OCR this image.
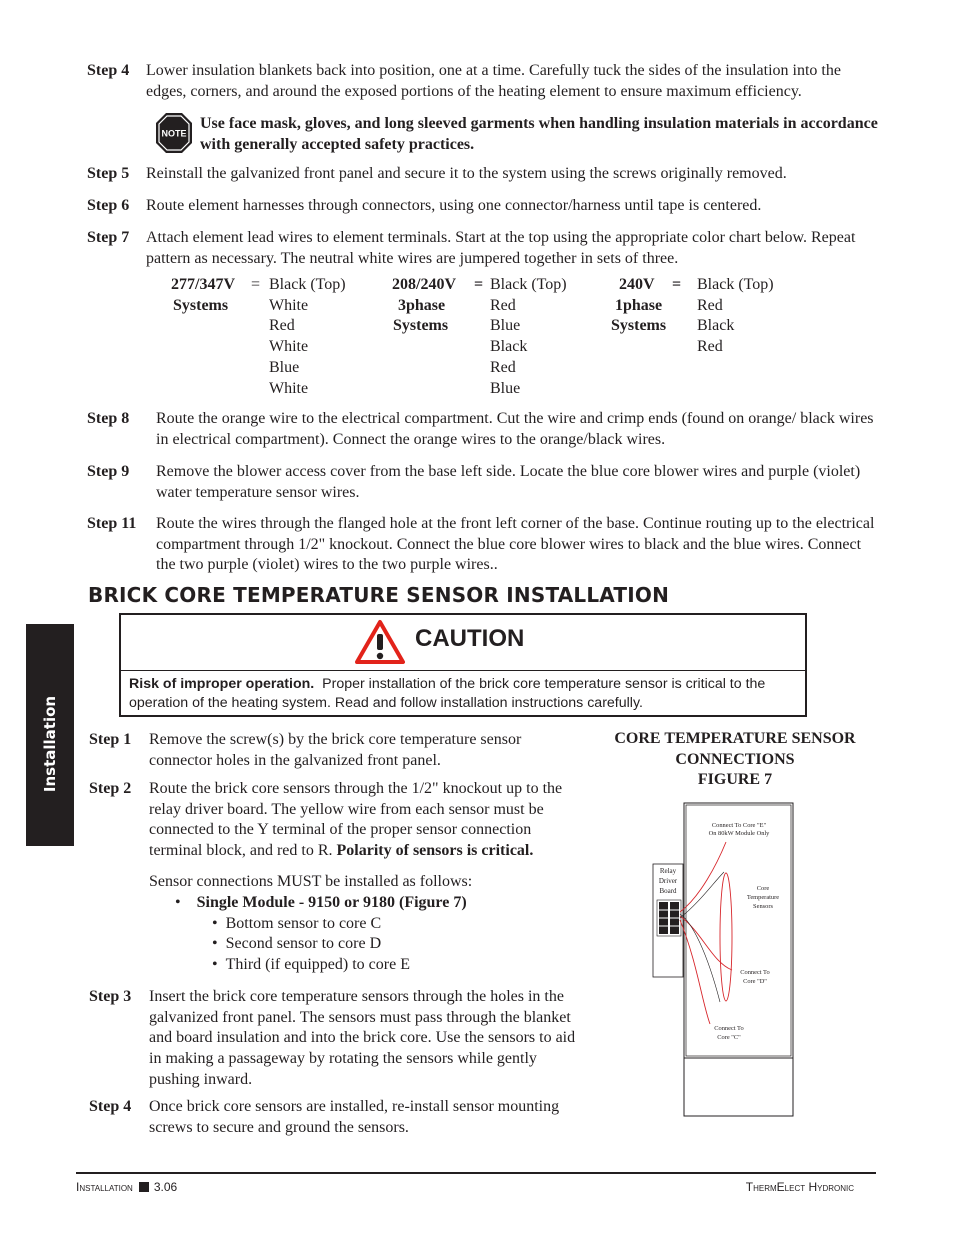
Step 4 Lower insulation blankets back into position, one at a time. Carefully tuck the sides of the insulation into the edges, corners, and around the exposed portions of the heating element to ensure maximum efficiency.
NOTE
Use face mask, gloves, and long sleeved garments when handling insulation materials in accordance with generally accepted safety practices.
Step 5 Reinstall the galvanized front panel and secure it to the system using the screws originally removed.
Step 6 Route element harnesses through connectors, using one connector/harness until tape is centered.
Step 7 Attach element lead wires to element terminals. Start at the top using the appropriate color chart below. Repeat pattern as necessary. The neutral white wires are jumpered together in sets of three.
277/347V =
Systems
Black (Top)
White
Red
White
Blue
White
208/240V =
3phase
Systems
Black (Top)
Red
Blue
Black
Red
Blue
240V =
1phase
Systems
Black (Top)
Red
Black
Red
Step 8 Route the orange wire to the electrical compartment. Cut the wire and crimp ends (found on orange/ black wires in electrical compartment). Connect the orange wires to the orange/black wires.
Step 9 Remove the blower access cover from the base left side. Locate the blue core blower wires and purple (violet) water temperature sensor wires.
Step 11 Route the wires through the flanged hole at the front left corner of the base. Continue routing up to the electrical compartment through 1/2" knockout. Connect the blue core blower wires to black and the blue wires. Connect the two purple (violet) wires to the two purple wires..
BRICK CORE TEMPERATURE SENSOR INSTALLATION
CAUTION
Risk of improper operation. Proper installation of the brick core temperature sensor is critical to the operation of the heating system. Read and follow installation instructions carefully.
Installation Step 1 Remove the screw(s) by the brick core temperature sensor connector holes in the galvanized front panel.
Step 2 Route the brick core sensors through the 1/2" knockout up to the relay driver board. The yellow wire from each sensor must be connected to the Y terminal of the proper sensor connection terminal block, and red to R. Polarity of sensors is critical.
Sensor connections MUST be installed as follows:
•    Single Module - 9150 or 9180 (Figure 7)
•  Bottom sensor to core C
•  Second sensor to core D
•  Third (if equipped) to core E
Step 3 Insert the brick core temperature sensors through the holes in the galvanized front panel. The sensors must pass through the blanket and board insulation and into the brick core. Use the sensors to aid in making a passageway by rotating the sensors while gently pushing inward.
Step 4 Once brick core sensors are installed, re-install sensor mounting screws to secure and ground the sensors.
CORE TEMPERATURE SENSOR
CONNECTIONS
FIGURE 7
Connect To Core "E"
On 80kW Module Only
Relay
Driver
Board	Core
Temperature
Sensors
Connect To
Core "D"
Connect To
Core "C"
Installation 3.06	ThermElect Hydronic
